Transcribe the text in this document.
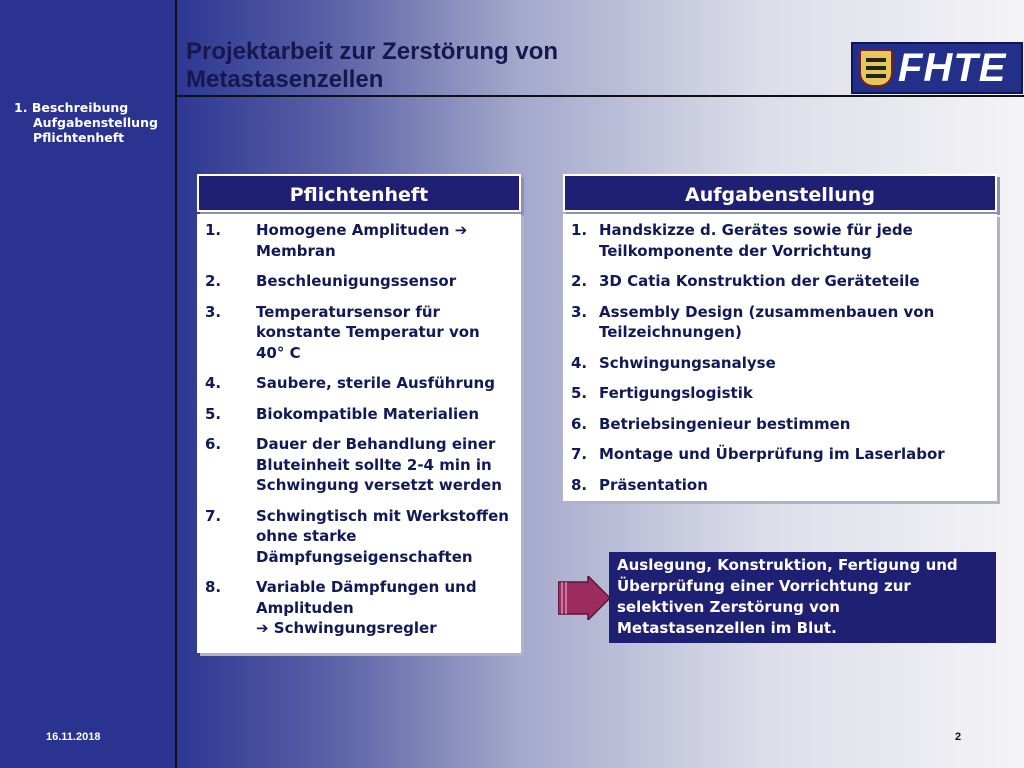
1. Beschreibung
Aufgabenstellung
Pflichtenheft
Projektarbeit zur Zerstörung von
Metastasenzellen	FHTE
Pflichtenheft
1.	Homogene Amplituden ➔ Membran
2.	Beschleunigungssensor
3.	Temperatursensor für konstante Temperatur von 40° C
4.	Saubere, sterile Ausführung
5.	Biokompatible Materialien
6.	Dauer der Behandlung einer Bluteinheit sollte 2-4 min in Schwingung versetzt werden
7.	Schwingtisch mit Werkstoffen ohne starke Dämpfungseigenschaften
8.	Variable Dämpfungen und Amplituden
➔ Schwingungsregler
Aufgabenstellung
1. Handskizze d. Gerätes sowie für jede Teilkomponente der Vorrichtung
2. 3D Catia Konstruktion der Geräteteile
3. Assembly Design (zusammenbauen von Teilzeichnungen)
4. Schwingungsanalyse
5. Fertigungslogistik
6. Betriebsingenieur bestimmen
7. Montage und Überprüfung im Laserlabor
8. Präsentation
Auslegung, Konstruktion, Fertigung und Überprüfung einer Vorrichtung zur selektiven Zerstörung von Metastasenzellen im Blut.
16.11.2018	2
